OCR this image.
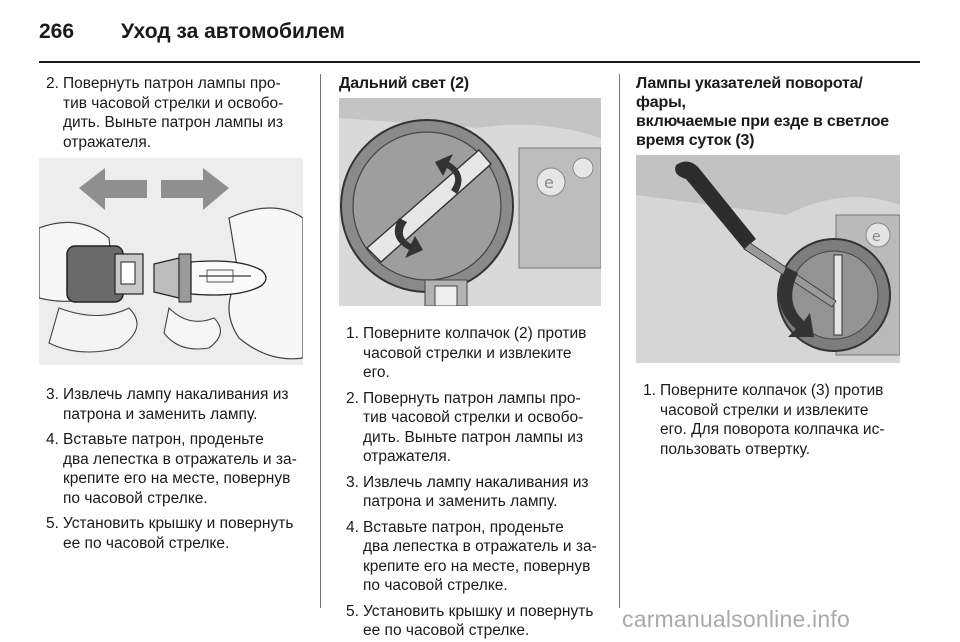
266 Уход за автомобилем
2. Повернуть патрон лампы про-
тив часовой стрелки и освобо-
дить. Выньте патрон лампы из
отражателя.
3. Извлечь лампу накаливания из
патрона и заменить лампу.
4. Вставьте патрон, проденьте
два лепестка в отражатель и за-
крепите его на месте, повернув
по часовой стрелке.
5. Установить крышку и повернуть
ее по часовой стрелке.
Дальний свет (2)
e
1. Поверните колпачок (2) против
часовой стрелки и извлеките
его.
2. Повернуть патрон лампы про-
тив часовой стрелки и освобо-
дить. Выньте патрон лампы из
отражателя.
3. Извлечь лампу накаливания из
патрона и заменить лампу.
4. Вставьте патрон, проденьте
два лепестка в отражатель и за-
крепите его на месте, повернув
по часовой стрелке.
5. Установить крышку и повернуть
ее по часовой стрелке.
Лампы указателей поворота/фары,
включаемые при езде в светлое
время суток (3)
e
1. Поверните колпачок (3) против
часовой стрелки и извлеките
его. Для поворота колпачка ис-
пользовать отвертку.
carmanualsonline.info
